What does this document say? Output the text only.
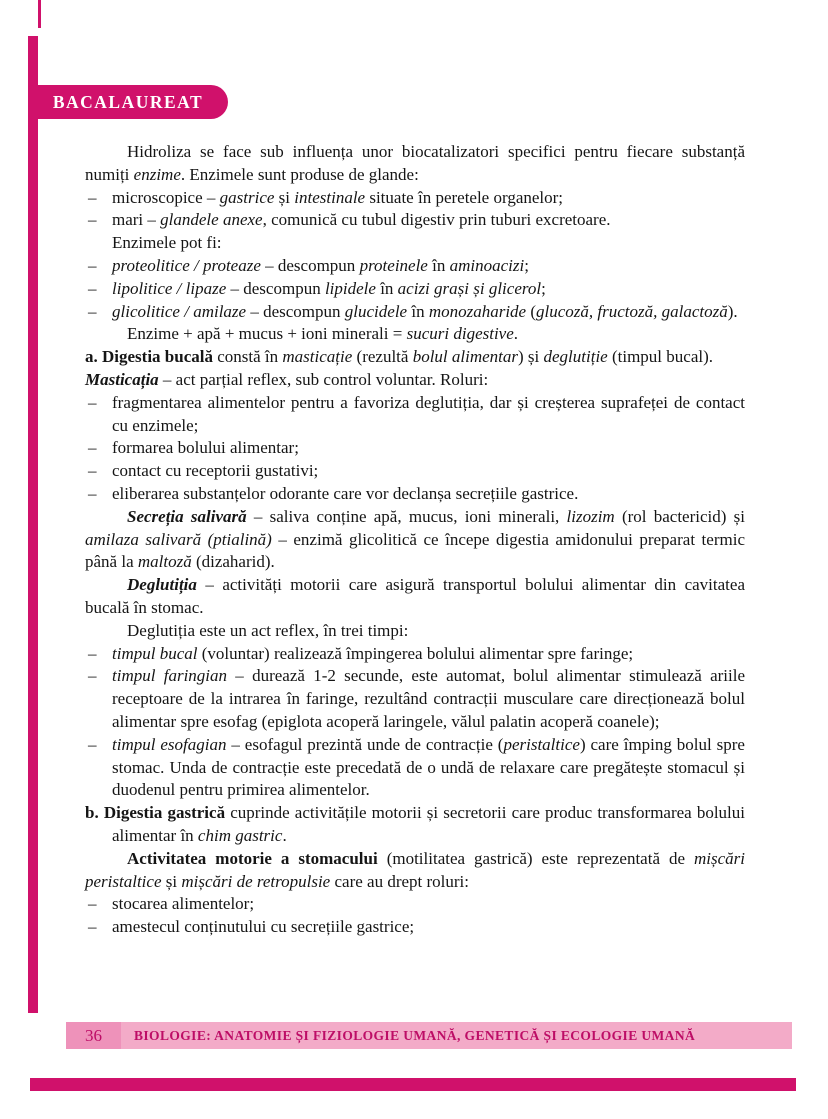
BACALAUREAT
Hidroliza se face sub influența unor biocatalizatori specifici pentru fiecare substanță numiți enzime. Enzimele sunt produse de glande:
– microscopice – gastrice și intestinale situate în peretele organelor;
– mari – glandele anexe, comunică cu tubul digestiv prin tuburi excretoare.
Enzimele pot fi:
– proteolitice / proteaze – descompun proteinele în aminoacizi;
– lipolitice / lipaze – descompun lipidele în acizi grași și glicerol;
– glicolitice / amilaze – descompun glucidele în monozaharide (glucoză, fructoză, galactoză).
Enzime + apă + mucus + ioni minerali = sucuri digestive.
a. Digestia bucală constă în masticație (rezultă bolul alimentar) și deglutiție (timpul bucal).
Masticația – act parțial reflex, sub control voluntar. Roluri:
– fragmentarea alimentelor pentru a favoriza deglutiția, dar și creșterea suprafeței de contact cu enzimele;
– formarea bolului alimentar;
– contact cu receptorii gustativi;
– eliberarea substanțelor odorante care vor declanșa secrețiile gastrice.
Secreția salivară – saliva conține apă, mucus, ioni minerali, lizozim (rol bactericid) și amilaza salivară (ptialină) – enzimă glicolitică ce începe digestia amidonului preparat termic până la maltoză (dizaharid).
Deglutiția – activități motorii care asigură transportul bolului alimentar din cavitatea bucală în stomac.
Deglutiția este un act reflex, în trei timpi:
– timpul bucal (voluntar) realizează împingerea bolului alimentar spre faringe;
– timpul faringian – durează 1-2 secunde, este automat, bolul alimentar stimulează ariile receptoare de la intrarea în faringe, rezultând contracții musculare care direcționează bolul alimentar spre esofag (epiglota acoperă laringele, vălul palatin acoperă coanele);
– timpul esofagian – esofagul prezintă unde de contracție (peristaltice) care împing bolul spre stomac. Unda de contracție este precedată de o undă de relaxare care pregătește stomacul și duodenul pentru primirea alimentelor.
b. Digestia gastrică cuprinde activitățile motorii și secretorii care produc transformarea bolului alimentar în chim gastric.
Activitatea motorie a stomacului (motilitatea gastrică) este reprezentată de mișcări peristaltice și mișcări de retropulsie care au drept roluri:
– stocarea alimentelor;
– amestecul conținutului cu secrețiile gastrice;
36	BIOLOGIE: ANATOMIE ȘI FIZIOLOGIE UMANĂ, GENETICĂ ȘI ECOLOGIE UMANĂ
